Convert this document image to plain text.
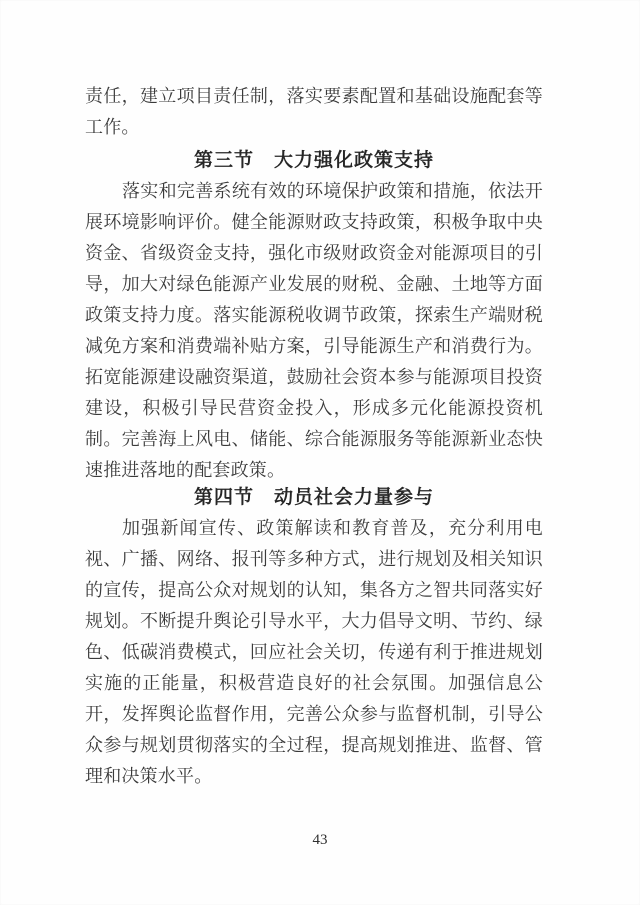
责任，建立项目责任制，落实要素配置和基础设施配套等
工作。
第三节　大力强化政策支持
落实和完善系统有效的环境保护政策和措施，依法开
展环境影响评价。健全能源财政支持政策，积极争取中央
资金、省级资金支持，强化市级财政资金对能源项目的引
导，加大对绿色能源产业发展的财税、金融、土地等方面
政策支持力度。落实能源税收调节政策，探索生产端财税
减免方案和消费端补贴方案，引导能源生产和消费行为。
拓宽能源建设融资渠道，鼓励社会资本参与能源项目投资
建设，积极引导民营资金投入，形成多元化能源投资机
制。完善海上风电、储能、综合能源服务等能源新业态快
速推进落地的配套政策。
第四节　动员社会力量参与
加强新闻宣传、政策解读和教育普及，充分利用电
视、广播、网络、报刊等多种方式，进行规划及相关知识
的宣传，提高公众对规划的认知，集各方之智共同落实好
规划。不断提升舆论引导水平，大力倡导文明、节约、绿
色、低碳消费模式，回应社会关切，传递有利于推进规划
实施的正能量，积极营造良好的社会氛围。加强信息公
开，发挥舆论监督作用，完善公众参与监督机制，引导公
众参与规划贯彻落实的全过程，提高规划推进、监督、管
理和决策水平。
43
